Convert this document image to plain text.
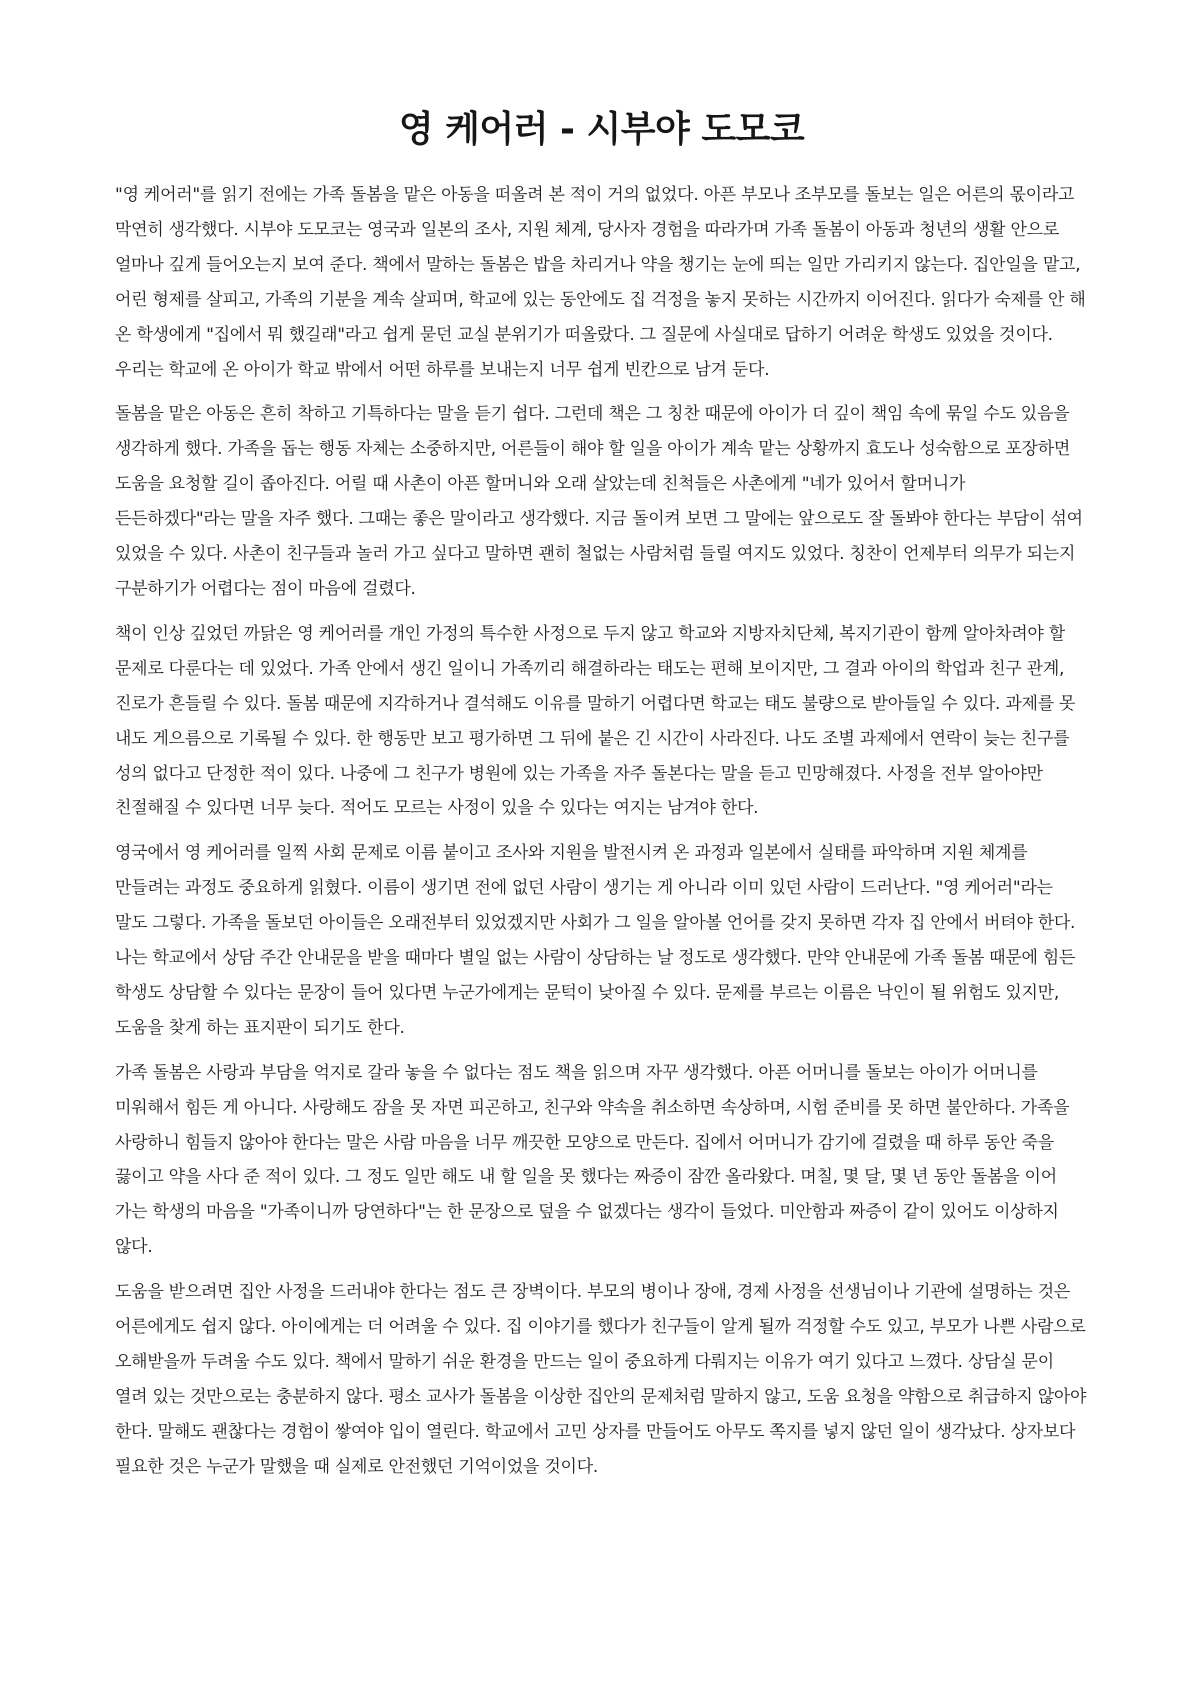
영 케어러 - 시부야 도모코

"영 케어러"를 읽기 전에는 가족 돌봄을 맡은 아동을 떠올려 본 적이 거의 없었다. 아픈 부모나 조부모를 돌보는 일은 어른의 몫이라고 막연히 생각했다. 시부야 도모코는 영국과 일본의 조사, 지원 체계, 당사자 경험을 따라가며 가족 돌봄이 아동과 청년의 생활 안으로 얼마나 깊게 들어오는지 보여 준다. 책에서 말하는 돌봄은 밥을 차리거나 약을 챙기는 눈에 띄는 일만 가리키지 않는다. 집안일을 맡고, 어린 형제를 살피고, 가족의 기분을 계속 살피며, 학교에 있는 동안에도 집 걱정을 놓지 못하는 시간까지 이어진다. 읽다가 숙제를 안 해 온 학생에게 "집에서 뭐 했길래"라고 쉽게 묻던 교실 분위기가 떠올랐다. 그 질문에 사실대로 답하기 어려운 학생도 있었을 것이다. 우리는 학교에 온 아이가 학교 밖에서 어떤 하루를 보내는지 너무 쉽게 빈칸으로 남겨 둔다.

돌봄을 맡은 아동은 흔히 착하고 기특하다는 말을 듣기 쉽다. 그런데 책은 그 칭찬 때문에 아이가 더 깊이 책임 속에 묶일 수도 있음을 생각하게 했다. 가족을 돕는 행동 자체는 소중하지만, 어른들이 해야 할 일을 아이가 계속 맡는 상황까지 효도나 성숙함으로 포장하면 도움을 요청할 길이 좁아진다. 어릴 때 사촌이 아픈 할머니와 오래 살았는데 친척들은 사촌에게 "네가 있어서 할머니가 든든하겠다"라는 말을 자주 했다. 그때는 좋은 말이라고 생각했다. 지금 돌이켜 보면 그 말에는 앞으로도 잘 돌봐야 한다는 부담이 섞여 있었을 수 있다. 사촌이 친구들과 놀러 가고 싶다고 말하면 괜히 철없는 사람처럼 들릴 여지도 있었다. 칭찬이 언제부터 의무가 되는지 구분하기가 어렵다는 점이 마음에 걸렸다.

책이 인상 깊었던 까닭은 영 케어러를 개인 가정의 특수한 사정으로 두지 않고 학교와 지방자치단체, 복지기관이 함께 알아차려야 할 문제로 다룬다는 데 있었다. 가족 안에서 생긴 일이니 가족끼리 해결하라는 태도는 편해 보이지만, 그 결과 아이의 학업과 친구 관계, 진로가 흔들릴 수 있다. 돌봄 때문에 지각하거나 결석해도 이유를 말하기 어렵다면 학교는 태도 불량으로 받아들일 수 있다. 과제를 못 내도 게으름으로 기록될 수 있다. 한 행동만 보고 평가하면 그 뒤에 붙은 긴 시간이 사라진다. 나도 조별 과제에서 연락이 늦는 친구를 성의 없다고 단정한 적이 있다. 나중에 그 친구가 병원에 있는 가족을 자주 돌본다는 말을 듣고 민망해졌다. 사정을 전부 알아야만 친절해질 수 있다면 너무 늦다. 적어도 모르는 사정이 있을 수 있다는 여지는 남겨야 한다.

영국에서 영 케어러를 일찍 사회 문제로 이름 붙이고 조사와 지원을 발전시켜 온 과정과 일본에서 실태를 파악하며 지원 체계를 만들려는 과정도 중요하게 읽혔다. 이름이 생기면 전에 없던 사람이 생기는 게 아니라 이미 있던 사람이 드러난다. "영 케어러"라는 말도 그렇다. 가족을 돌보던 아이들은 오래전부터 있었겠지만 사회가 그 일을 알아볼 언어를 갖지 못하면 각자 집 안에서 버텨야 한다. 나는 학교에서 상담 주간 안내문을 받을 때마다 별일 없는 사람이 상담하는 날 정도로 생각했다. 만약 안내문에 가족 돌봄 때문에 힘든 학생도 상담할 수 있다는 문장이 들어 있다면 누군가에게는 문턱이 낮아질 수 있다. 문제를 부르는 이름은 낙인이 될 위험도 있지만, 도움을 찾게 하는 표지판이 되기도 한다.

가족 돌봄은 사랑과 부담을 억지로 갈라 놓을 수 없다는 점도 책을 읽으며 자꾸 생각했다. 아픈 어머니를 돌보는 아이가 어머니를 미워해서 힘든 게 아니다. 사랑해도 잠을 못 자면 피곤하고, 친구와 약속을 취소하면 속상하며, 시험 준비를 못 하면 불안하다. 가족을 사랑하니 힘들지 않아야 한다는 말은 사람 마음을 너무 깨끗한 모양으로 만든다. 집에서 어머니가 감기에 걸렸을 때 하루 동안 죽을 끓이고 약을 사다 준 적이 있다. 그 정도 일만 해도 내 할 일을 못 했다는 짜증이 잠깐 올라왔다. 며칠, 몇 달, 몇 년 동안 돌봄을 이어 가는 학생의 마음을 "가족이니까 당연하다"는 한 문장으로 덮을 수 없겠다는 생각이 들었다. 미안함과 짜증이 같이 있어도 이상하지 않다.

도움을 받으려면 집안 사정을 드러내야 한다는 점도 큰 장벽이다. 부모의 병이나 장애, 경제 사정을 선생님이나 기관에 설명하는 것은 어른에게도 쉽지 않다. 아이에게는 더 어려울 수 있다. 집 이야기를 했다가 친구들이 알게 될까 걱정할 수도 있고, 부모가 나쁜 사람으로 오해받을까 두려울 수도 있다. 책에서 말하기 쉬운 환경을 만드는 일이 중요하게 다뤄지는 이유가 여기 있다고 느꼈다. 상담실 문이 열려 있는 것만으로는 충분하지 않다. 평소 교사가 돌봄을 이상한 집안의 문제처럼 말하지 않고, 도움 요청을 약함으로 취급하지 않아야 한다. 말해도 괜찮다는 경험이 쌓여야 입이 열린다. 학교에서 고민 상자를 만들어도 아무도 쪽지를 넣지 않던 일이 생각났다. 상자보다 필요한 것은 누군가 말했을 때 실제로 안전했던 기억이었을 것이다.
